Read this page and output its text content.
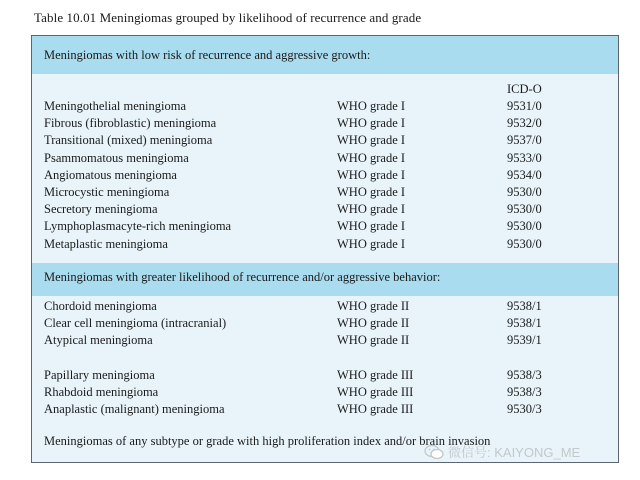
Table 10.01 Meningiomas grouped by likelihood of recurrence and grade
Meningiomas with low risk of recurrence and aggressive growth:
ICD-O
Meningothelial meningioma	WHO grade I	9531/0
Fibrous (fibroblastic) meningioma	WHO grade I	9532/0
Transitional (mixed) meningioma	WHO grade I	9537/0
Psammomatous meningioma	WHO grade I	9533/0
Angiomatous meningioma	WHO grade I	9534/0
Microcystic meningioma	WHO grade I	9530/0
Secretory meningioma	WHO grade I	9530/0
Lymphoplasmacyte-rich meningioma	WHO grade I	9530/0
Metaplastic meningioma	WHO grade I	9530/0
Meningiomas with greater likelihood of recurrence and/or aggressive behavior:
Chordoid meningioma	WHO grade II	9538/1
Clear cell meningioma (intracranial)	WHO grade II	9538/1
Atypical meningioma	WHO grade II	9539/1
Papillary meningioma	WHO grade III	9538/3
Rhabdoid meningioma	WHO grade III	9538/3
Anaplastic (malignant) meningioma	WHO grade III	9530/3
Meningiomas of any subtype or grade with high proliferation index and/or brain invasion
微信号: KAIYONG_ME
